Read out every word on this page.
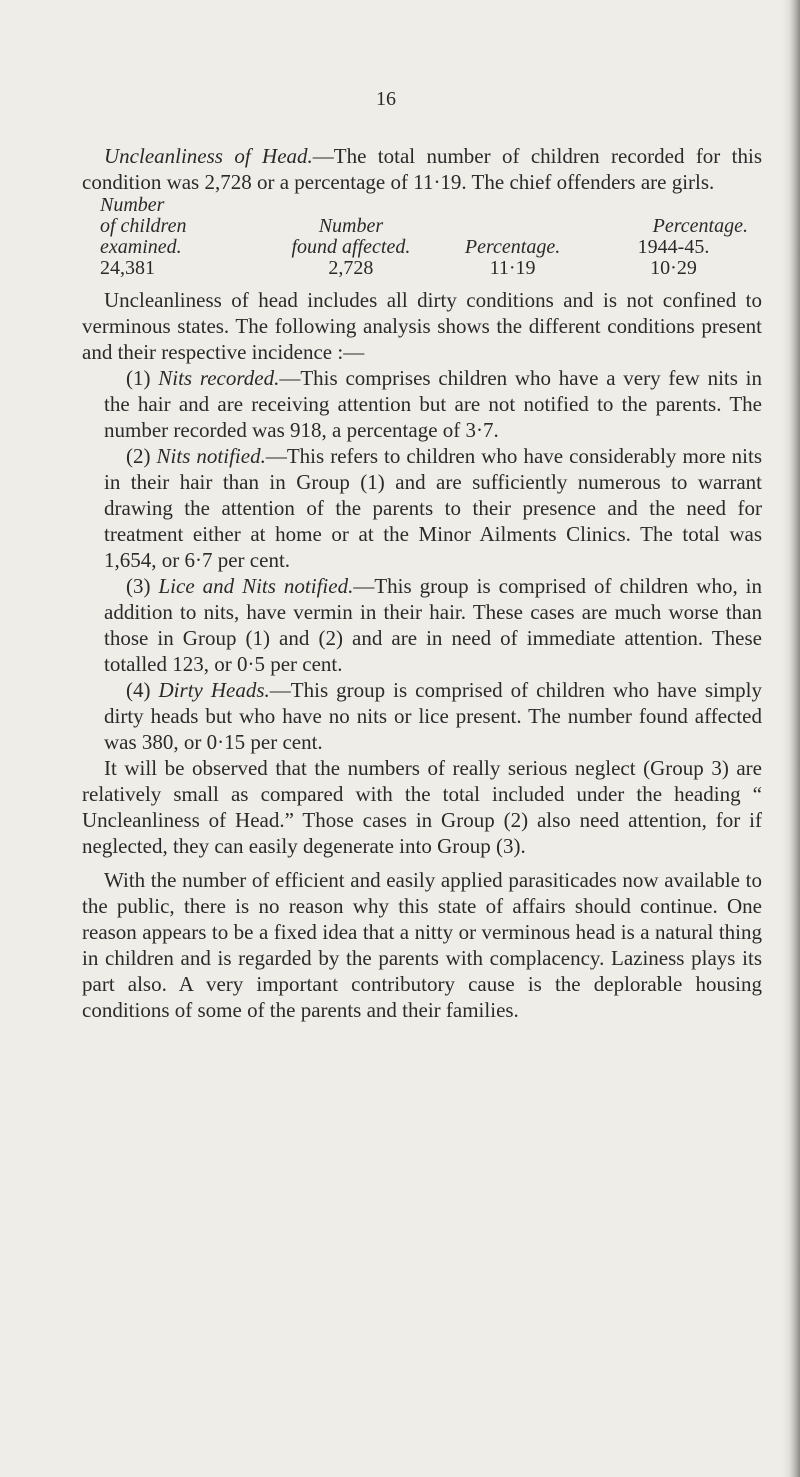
16

Uncleanliness of Head.—The total number of children recorded for this condition was 2,728 or a percentage of 11·19. The chief offenders are girls.

Number			
of children	Number		Percentage.
examined.	found affected.	Percentage.	1944-45.
24,381	2,728	11·19	10·29

Uncleanliness of head includes all dirty conditions and is not confined to verminous states. The following analysis shows the different conditions present and their respective incidence :—

(1) Nits recorded.—This comprises children who have a very few nits in the hair and are receiving attention but are not notified to the parents. The number recorded was 918, a percentage of 3·7.

(2) Nits notified.—This refers to children who have considerably more nits in their hair than in Group (1) and are sufficiently numerous to warrant drawing the attention of the parents to their presence and the need for treatment either at home or at the Minor Ailments Clinics. The total was 1,654, or 6·7 per cent.

(3) Lice and Nits notified.—This group is comprised of children who, in addition to nits, have vermin in their hair. These cases are much worse than those in Group (1) and (2) and are in need of immediate attention. These totalled 123, or 0·5 per cent.

(4) Dirty Heads.—This group is comprised of children who have simply dirty heads but who have no nits or lice present. The number found affected was 380, or 0·15 per cent.

It will be observed that the numbers of really serious neglect (Group 3) are relatively small as compared with the total included under the heading “ Uncleanliness of Head.” Those cases in Group (2) also need attention, for if neglected, they can easily degenerate into Group (3).

With the number of efficient and easily applied parasiticades now available to the public, there is no reason why this state of affairs should continue. One reason appears to be a fixed idea that a nitty or verminous head is a natural thing in children and is regarded by the parents with complacency. Laziness plays its part also. A very important contributory cause is the deplorable housing conditions of some of the parents and their families.
